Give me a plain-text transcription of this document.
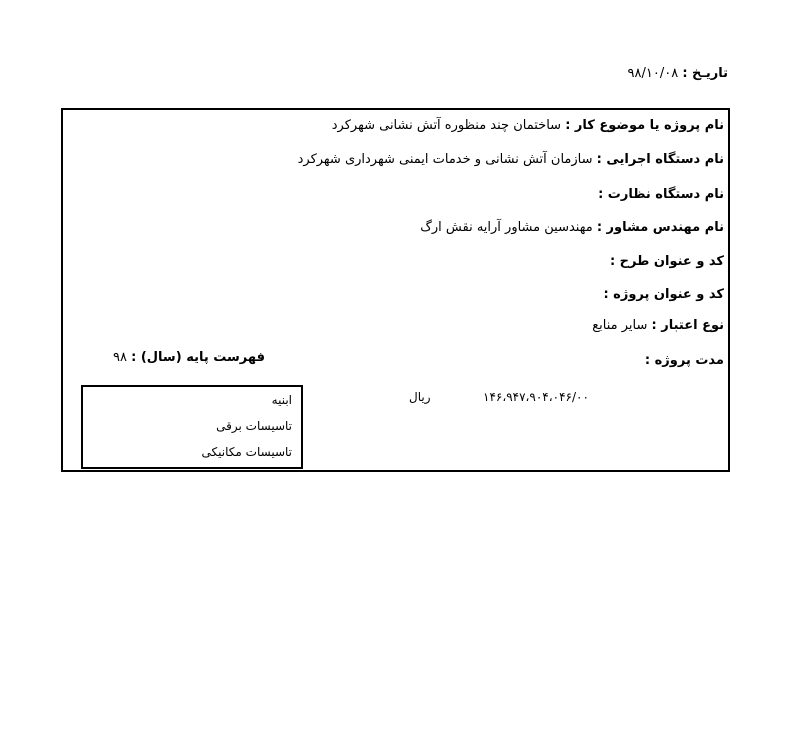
تاریـخ : ۹۸/۱۰/۰۸
نام پروژه یا موضوع کار : ساختمان چند منظوره آتش نشانی شهرکرد
نام دستگاه اجرایی : سازمان آتش نشانی و خدمات ایمنی شهرداری شهرکرد
نام دستگاه نظارت :
نام مهندس مشاور : مهندسین مشاور آرایه نقش ارگ
کد و عنوان طرح :
کد و عنوان پروژه :
نوع اعتبار : سایر منابع
مدت پروژه :
فهرست پایه (سال) : ۹۸
۱۴۶،۹۴۷،۹۰۴،۰۴۶/۰۰
ریال
ابنیه
تاسیسات برقی
تاسیسات مکانیکی
